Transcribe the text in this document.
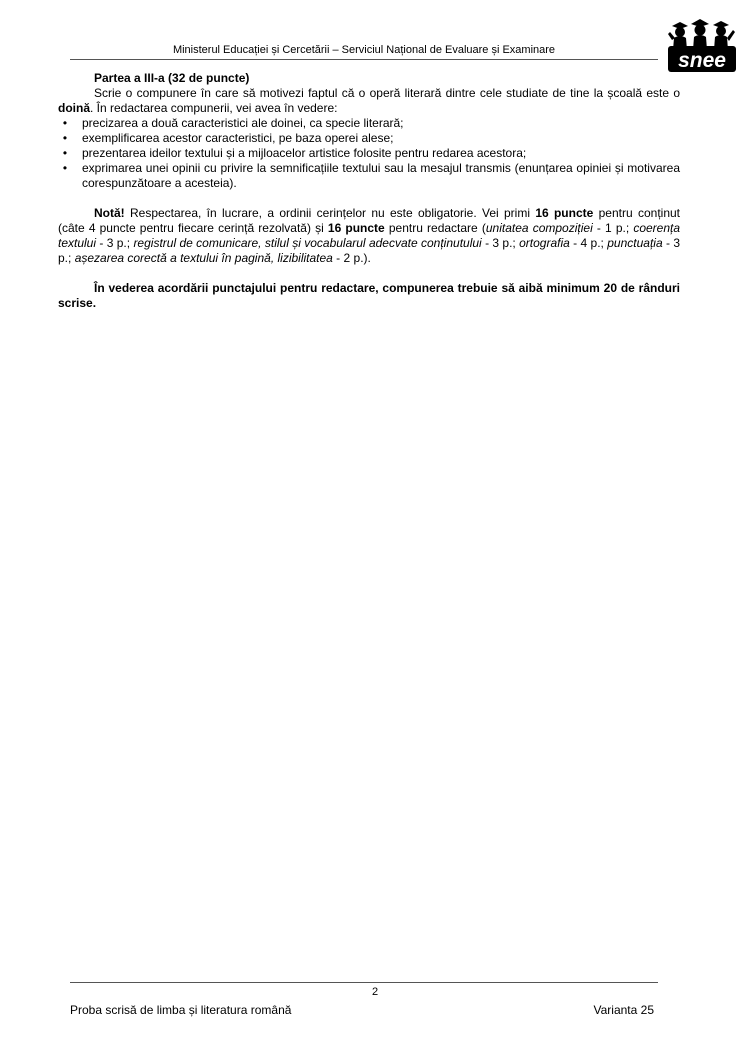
Ministerul Educației și Cercetării – Serviciul Național de Evaluare și Examinare	snee

Partea a III-a (32 de puncte)

Scrie o compunere în care să motivezi faptul că o operă literară dintre cele studiate de tine la școală este o doină. În redactarea compunerii, vei avea în vedere:

• precizarea a două caracteristici ale doinei, ca specie literară;
• exemplificarea acestor caracteristici, pe baza operei alese;
• prezentarea ideilor textului și a mijloacelor artistice folosite pentru redarea acestora;
• exprimarea unei opinii cu privire la semnificațiile textului sau la mesajul transmis (enunțarea opiniei și motivarea corespunzătoare a acesteia).

Notă! Respectarea, în lucrare, a ordinii cerințelor nu este obligatorie. Vei primi 16 puncte pentru conținut (câte 4 puncte pentru fiecare cerință rezolvată) și 16 puncte pentru redactare (unitatea compoziției - 1 p.; coerența textului - 3 p.; registrul de comunicare, stilul și vocabularul adecvate conținutului - 3 p.; ortografia - 4 p.; punctuația - 3 p.; așezarea corectă a textului în pagină, lizibilitatea - 2 p.).

În vederea acordării punctajului pentru redactare, compunerea trebuie să aibă minimum 20 de rânduri scrise.

2
Proba scrisă de limba și literatura română	Varianta 25
